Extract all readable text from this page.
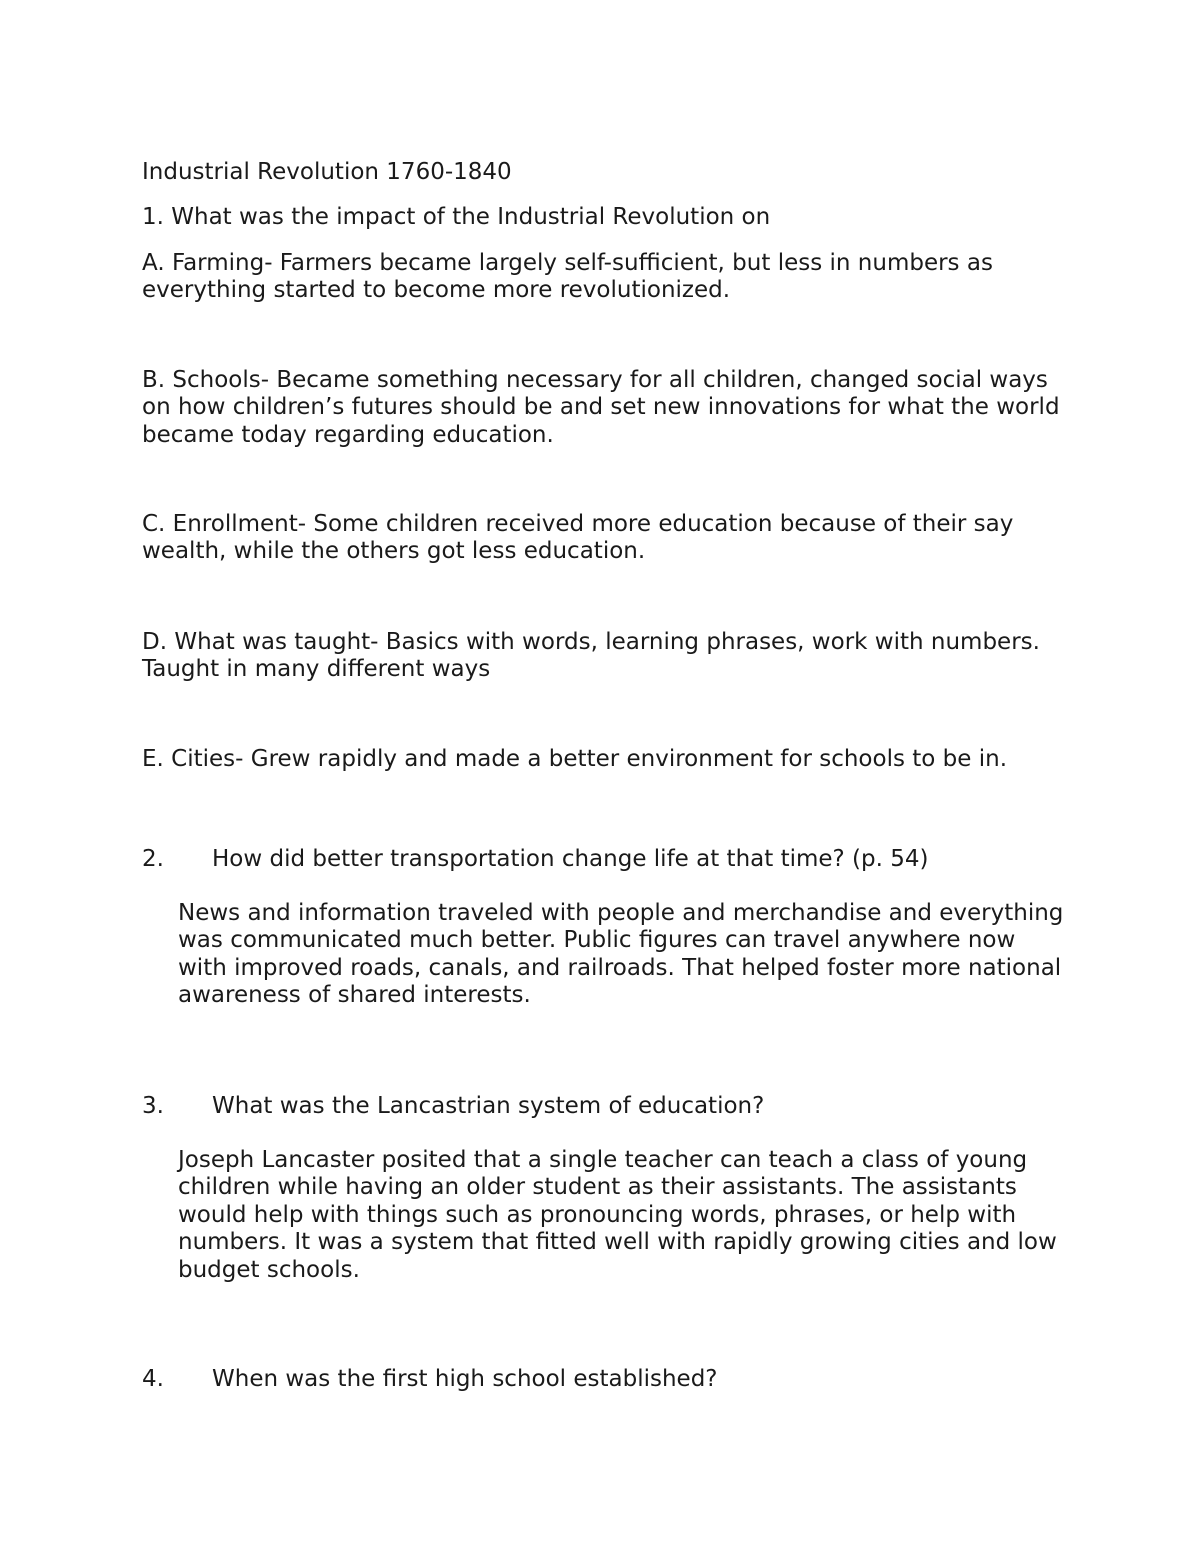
Industrial Revolution 1760-1840
1. What was the impact of the Industrial Revolution on

A. Farming- Farmers became largely self-sufficient, but less in numbers as everything started to become more revolutionized.

B. Schools- Became something necessary for all children, changed social ways on how children’s futures should be and set new innovations for what the world became today regarding education.

C. Enrollment- Some children received more education because of their say wealth, while the others got less education.

D. What was taught- Basics with words, learning phrases, work with numbers. Taught in many different ways

E. Cities- Grew rapidly and made a better environment for schools to be in.

2. How did better transportation change life at that time? (p. 54)

News and information traveled with people and merchandise and everything was communicated much better. Public figures can travel anywhere now with improved roads, canals, and railroads. That helped foster more national awareness of shared interests.

3. What was the Lancastrian system of education?

Joseph Lancaster posited that a single teacher can teach a class of young children while having an older student as their assistants. The assistants would help with things such as pronouncing words, phrases, or help with numbers. It was a system that fitted well with rapidly growing cities and low budget schools.

4. When was the first high school established?
